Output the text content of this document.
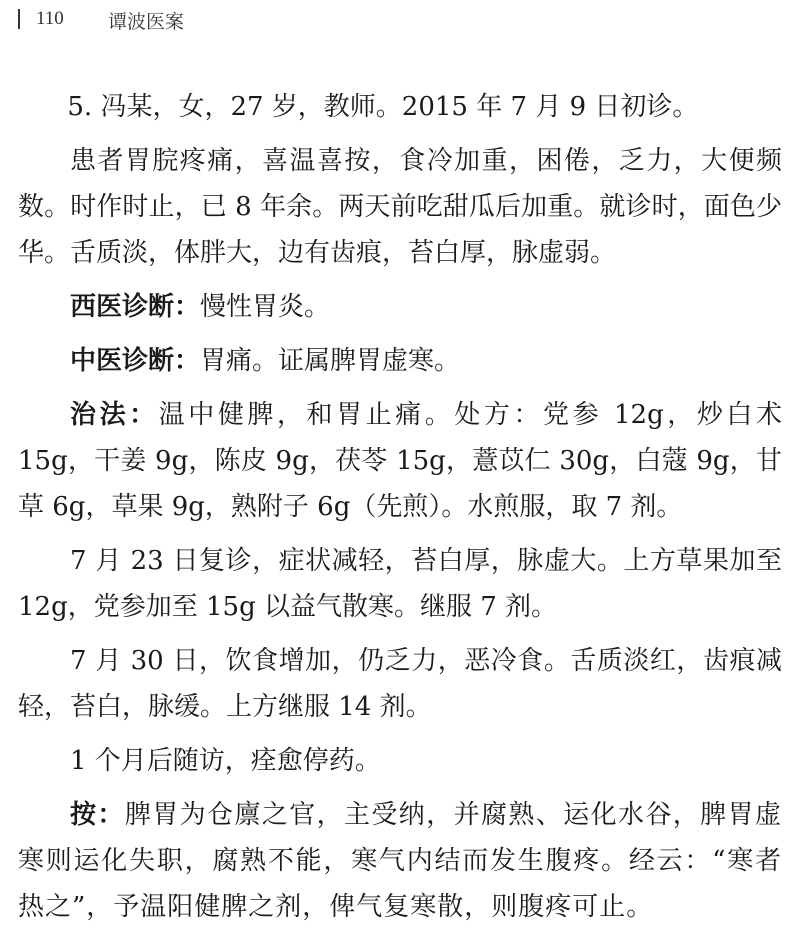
110 谭波医案

5. 冯某，女，27 岁，教师。2015 年 7 月 9 日初诊。

患者胃脘疼痛，喜温喜按，食冷加重，困倦，乏力，大便频数。时作时止，已 8 年余。两天前吃甜瓜后加重。就诊时，面色少华。舌质淡，体胖大，边有齿痕，苔白厚，脉虚弱。

西医诊断：慢性胃炎。

中医诊断：胃痛。证属脾胃虚寒。

治法：温中健脾，和胃止痛。处方：党参 12g，炒白术 15g，干姜 9g，陈皮 9g，茯苓 15g，薏苡仁 30g，白蔻 9g，甘草 6g，草果 9g，熟附子 6g（先煎）。水煎服，取 7 剂。

7 月 23 日复诊，症状减轻，苔白厚，脉虚大。上方草果加至 12g，党参加至 15g 以益气散寒。继服 7 剂。

7 月 30 日，饮食增加，仍乏力，恶冷食。舌质淡红，齿痕减轻，苔白，脉缓。上方继服 14 剂。

1 个月后随访，痊愈停药。

按：脾胃为仓廪之官，主受纳，并腐熟、运化水谷，脾胃虚寒则运化失职，腐熟不能，寒气内结而发生腹疼。经云：“寒者热之”，予温阳健脾之剂，俾气复寒散，则腹疼可止。
